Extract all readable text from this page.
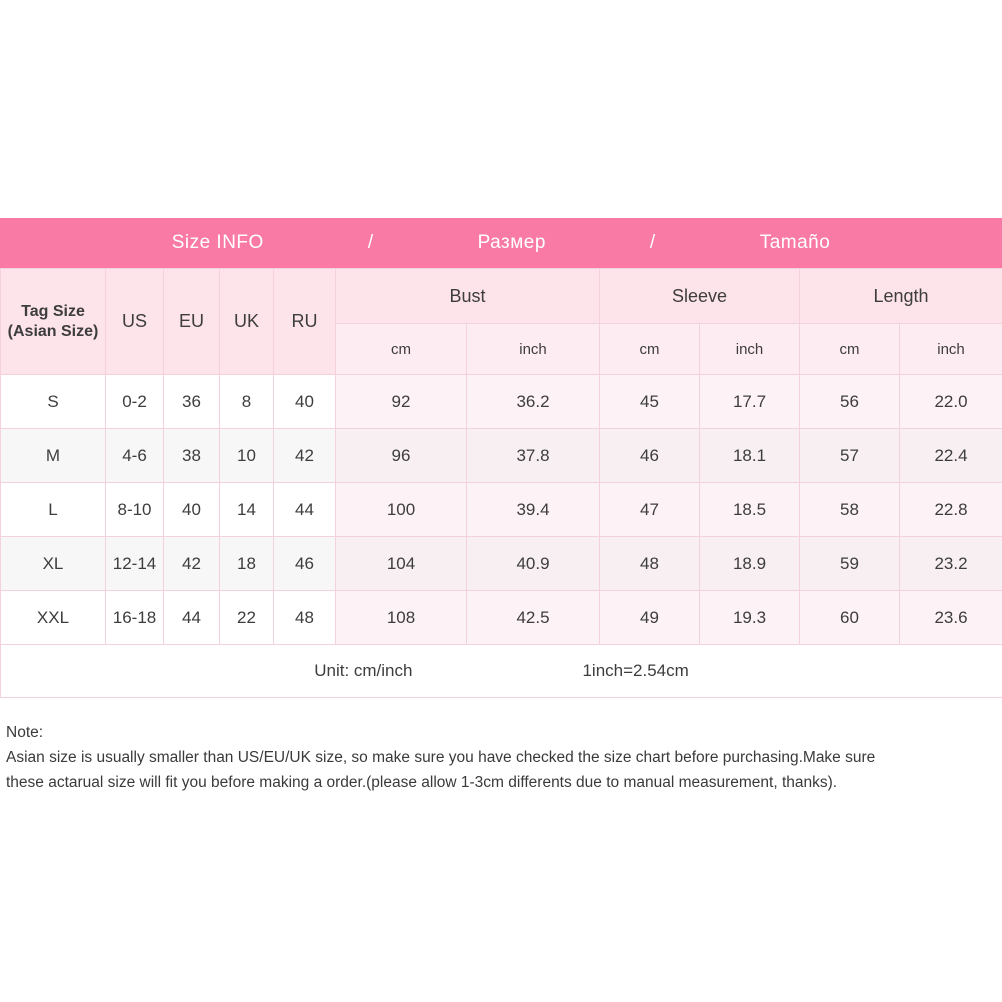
Size INFO	/	Размер	/	Tamaño
Tag Size
(Asian Size)	US	EU	UK	RU	Bust		Sleeve		Length	
					cm	inch	cm	inch	cm	inch
S	0-2	36	8	40	92	36.2	45	17.7	56	22.0
M	4-6	38	10	42	96	37.8	46	18.1	57	22.4
L	8-10	40	14	44	100	39.4	47	18.5	58	22.8
XL	12-14	42	18	46	104	40.9	48	18.9	59	23.2
XXL	16-18	44	22	48	108	42.5	49	19.3	60	23.6

Unit: cm/inch 1inch=2.54cm										
Note:
Asian size is usually smaller than US/EU/UK size, so make sure you have checked the size chart before purchasing.Make sure
these actarual size will fit you before making a order.(please allow 1-3cm differents due to manual measurement, thanks).
